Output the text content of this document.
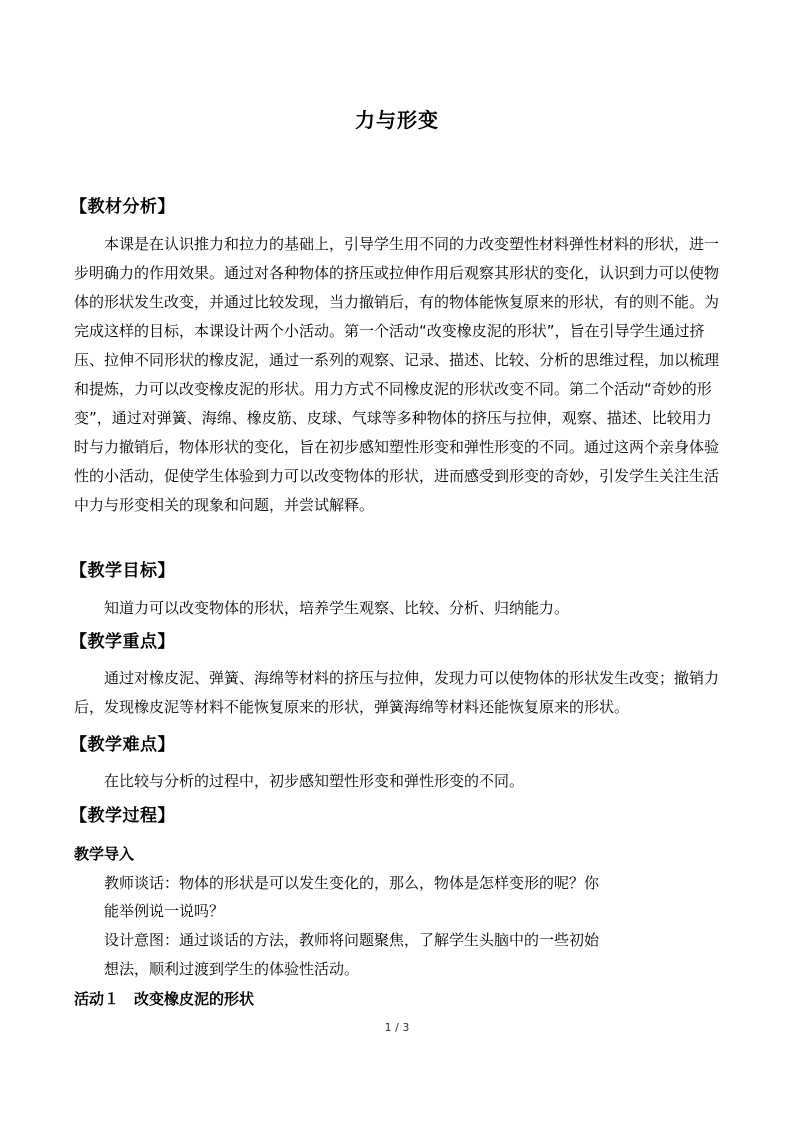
力与形变
【教材分析】
本课是在认识推力和拉力的基础上，引导学生用不同的力改变塑性材料弹性材料的形状，进一步明确力的作用效果。通过对各种物体的挤压或拉伸作用后观察其形状的变化，认识到力可以使物体的形状发生改变，并通过比较发现，当力撤销后，有的物体能恢复原来的形状，有的则不能。为完成这样的目标，本课设计两个小活动。第一个活动“改变橡皮泥的形状”，旨在引导学生通过挤压、拉伸不同形状的橡皮泥，通过一系列的观察、记录、描述、比较、分析的思维过程，加以梳理和提炼，力可以改变橡皮泥的形状。用力方式不同橡皮泥的形状改变不同。第二个活动“奇妙的形变”，通过对弹簧、海绵、橡皮筋、皮球、气球等多种物体的挤压与拉伸，观察、描述、比较用力时与力撤销后，物体形状的变化，旨在初步感知塑性形变和弹性形变的不同。通过这两个亲身体验性的小活动，促使学生体验到力可以改变物体的形状，进而感受到形变的奇妙，引发学生关注生活中力与形变相关的现象和问题，并尝试解释。
【教学目标】
知道力可以改变物体的形状，培养学生观察、比较、分析、归纳能力。
【教学重点】
通过对橡皮泥、弹簧、海绵等材料的挤压与拉伸，发现力可以使物体的形状发生改变；撤销力后，发现橡皮泥等材料不能恢复原来的形状，弹簧海绵等材料还能恢复原来的形状。
【教学难点】
在比较与分析的过程中，初步感知塑性形变和弹性形变的不同。
【教学过程】
教学导入
教师谈话：物体的形状是可以发生变化的，那么，物体是怎样变形的呢？你
能举例说一说吗？
设计意图：通过谈话的方法，教师将问题聚焦，了解学生头脑中的一些初始
想法，顺利过渡到学生的体验性活动。
活动１　改变橡皮泥的形状
1 / 3
